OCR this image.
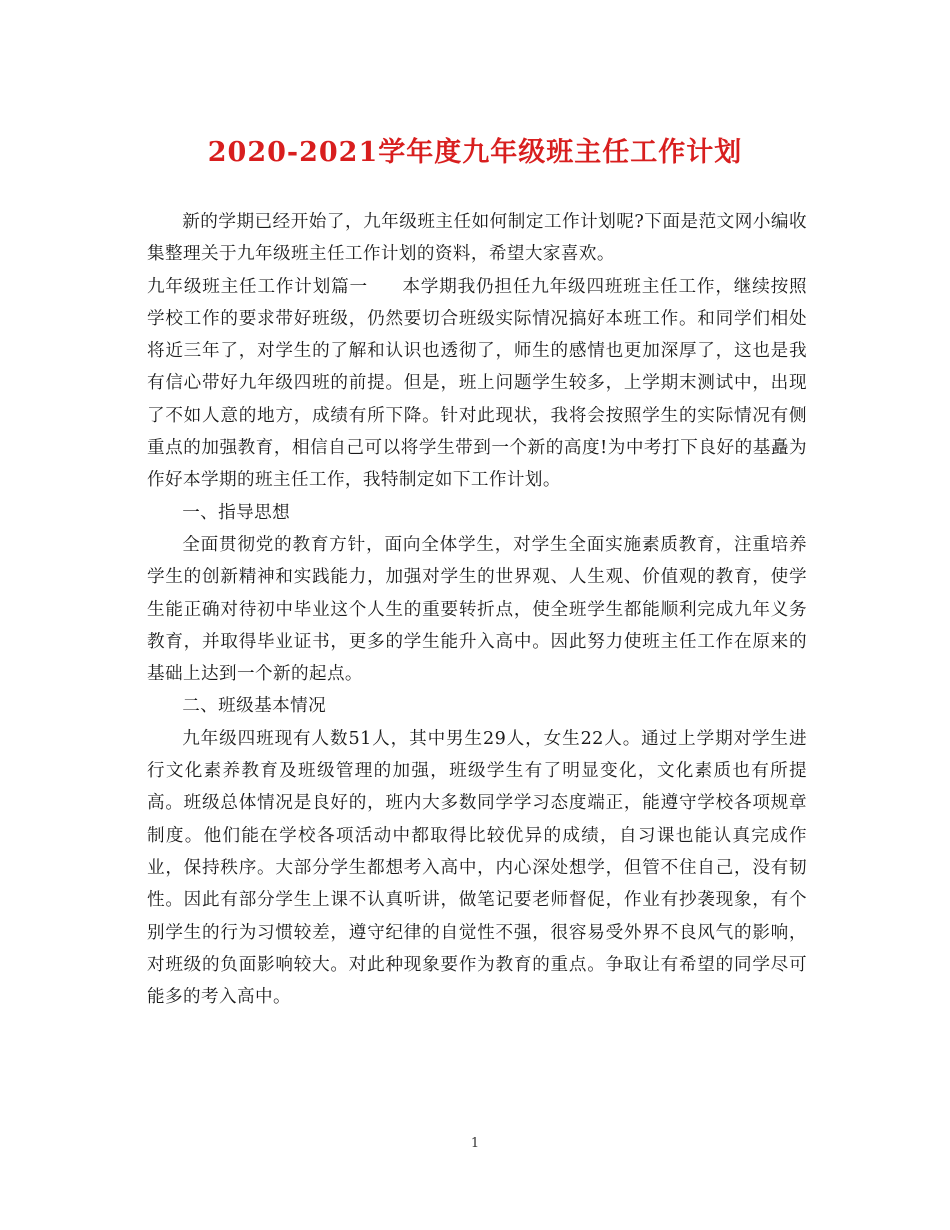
2020-2021学年度九年级班主任工作计划

新的学期已经开始了，九年级班主任如何制定工作计划呢?下面是范文网小编收集整理关于九年级班主任工作计划的资料，希望大家喜欢。

九年级班主任工作计划篇一 本学期我仍担任九年级四班班主任工作，继续按照学校工作的要求带好班级，仍然要切合班级实际情况搞好本班工作。和同学们相处将近三年了，对学生的了解和认识也透彻了，师生的感情也更加深厚了，这也是我有信心带好九年级四班的前提。但是，班上问题学生较多，上学期末测试中，出现了不如人意的地方，成绩有所下降。针对此现状，我将会按照学生的实际情况有侧重点的加强教育，相信自己可以将学生带到一个新的高度!为中考打下良好的基矗为作好本学期的班主任工作，我特制定如下工作计划。

一、指导思想

全面贯彻党的教育方针，面向全体学生，对学生全面实施素质教育，注重培养学生的创新精神和实践能力，加强对学生的世界观、人生观、价值观的教育，使学生能正确对待初中毕业这个人生的重要转折点，使全班学生都能顺利完成九年义务教育，并取得毕业证书，更多的学生能升入高中。因此努力使班主任工作在原来的基础上达到一个新的起点。

二、班级基本情况

九年级四班现有人数51人，其中男生29人，女生22人。通过上学期对学生进行文化素养教育及班级管理的加强，班级学生有了明显变化，文化素质也有所提高。班级总体情况是良好的，班内大多数同学学习态度端正，能遵守学校各项规章制度。他们能在学校各项活动中都取得比较优异的成绩，自习课也能认真完成作业，保持秩序。大部分学生都想考入高中，内心深处想学，但管不住自己，没有韧性。因此有部分学生上课不认真听讲，做笔记要老师督促，作业有抄袭现象，有个别学生的行为习惯较差，遵守纪律的自觉性不强，很容易受外界不良风气的影响，对班级的负面影响较大。对此种现象要作为教育的重点。争取让有希望的同学尽可能多的考入高中。

1
